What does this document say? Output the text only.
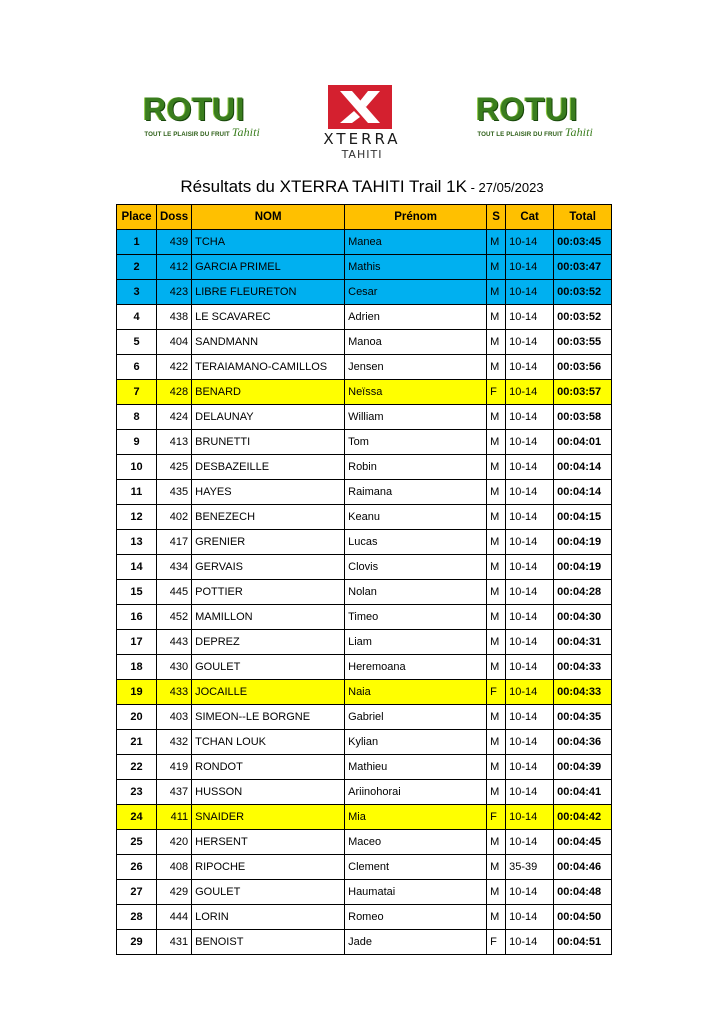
ROTUI
TOUT LE PLAISIR DU FRUIT Tahiti	XTERRA
TAHITI
ROTUI
TOUT LE PLAISIR DU FRUIT Tahiti
Résultats du XTERRA TAHITI Trail 1K - 27/05/2023
Place	Doss	NOM	Prénom	S	Cat	Total
1	439	TCHA	Manea	M	10-14	00:03:45
2	412	GARCIA PRIMEL	Mathis	M	10-14	00:03:47
3	423	LIBRE FLEURETON	Cesar	M	10-14	00:03:52
4	438	LE SCAVAREC	Adrien	M	10-14	00:03:52
5	404	SANDMANN	Manoa	M	10-14	00:03:55
6	422	TERAIAMANO-CAMILLOS	Jensen	M	10-14	00:03:56
7	428	BENARD	Neïssa	F	10-14	00:03:57
8	424	DELAUNAY	William	M	10-14	00:03:58
9	413	BRUNETTI	Tom	M	10-14	00:04:01
10	425	DESBAZEILLE	Robin	M	10-14	00:04:14
11	435	HAYES	Raimana	M	10-14	00:04:14
12	402	BENEZECH	Keanu	M	10-14	00:04:15
13	417	GRENIER	Lucas	M	10-14	00:04:19
14	434	GERVAIS	Clovis	M	10-14	00:04:19
15	445	POTTIER	Nolan	M	10-14	00:04:28
16	452	MAMILLON	Timeo	M	10-14	00:04:30
17	443	DEPREZ	Liam	M	10-14	00:04:31
18	430	GOULET	Heremoana	M	10-14	00:04:33
19	433	JOCAILLE	Naia	F	10-14	00:04:33
20	403	SIMEON--LE BORGNE	Gabriel	M	10-14	00:04:35
21	432	TCHAN LOUK	Kylian	M	10-14	00:04:36
22	419	RONDOT	Mathieu	M	10-14	00:04:39
23	437	HUSSON	Ariinohorai	M	10-14	00:04:41
24	411	SNAIDER	Mia	F	10-14	00:04:42
25	420	HERSENT	Maceo	M	10-14	00:04:45
26	408	RIPOCHE	Clement	M	35-39	00:04:46
27	429	GOULET	Haumatai	M	10-14	00:04:48
28	444	LORIN	Romeo	M	10-14	00:04:50
29	431	BENOIST	Jade	F	10-14	00:04:51
